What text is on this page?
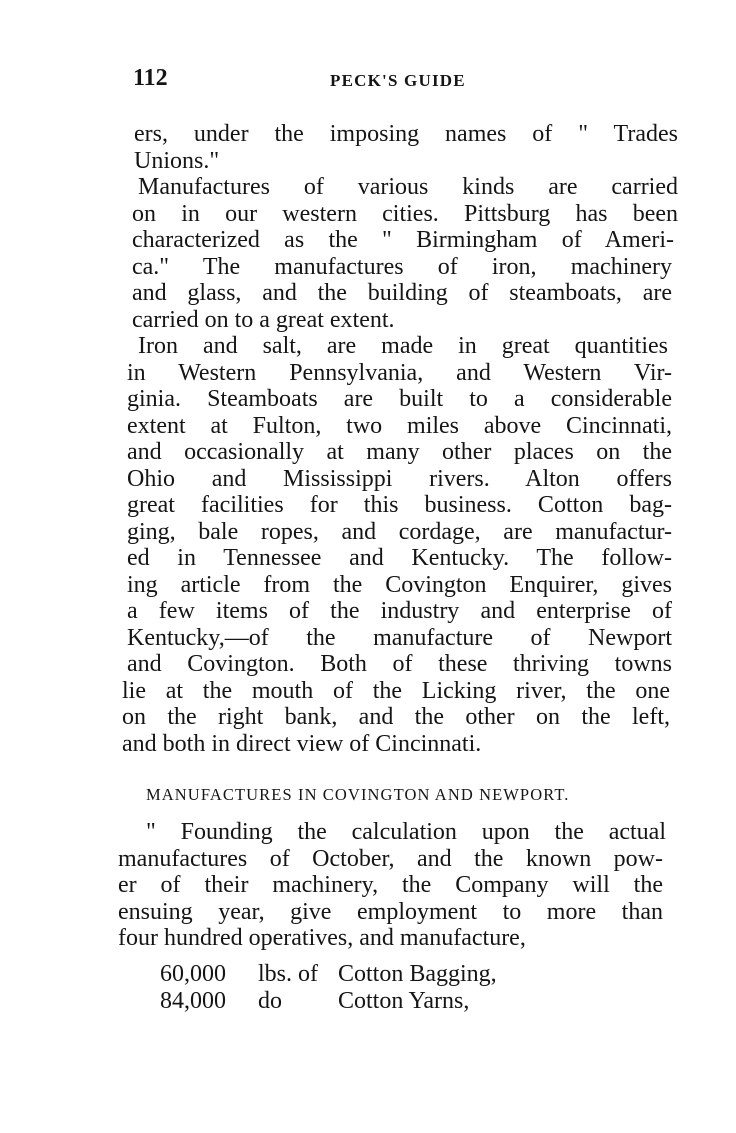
112	PECK'S GUIDE
ers, under the imposing names of " Trades
Unions."
Manufactures of various kinds are carried
on in our western cities. Pittsburg has been
characterized as the " Birmingham of Ameri-
ca." The manufactures of iron, machinery
and glass, and the building of steamboats, are
carried on to a great extent.
Iron and salt, are made in great quantities
in Western Pennsylvania, and Western Vir-
ginia. Steamboats are built to a considerable
extent at Fulton, two miles above Cincinnati,
and occasionally at many other places on the
Ohio and Mississippi rivers. Alton offers
great facilities for this business. Cotton bag-
ging, bale ropes, and cordage, are manufactur-
ed in Tennessee and Kentucky. The follow-
ing article from the Covington Enquirer, gives
a few items of the industry and enterprise of
Kentucky,—of the manufacture of Newport
and Covington. Both of these thriving towns
lie at the mouth of the Licking river, the one
on the right bank, and the other on the left,
and both in direct view of Cincinnati.
MANUFACTURES IN COVINGTON AND NEWPORT.
" Founding the calculation upon the actual
manufactures of October, and the known pow-
er of their machinery, the Company will the
ensuing year, give employment to more than
four hundred operatives, and manufacture,
60,000 lbs. of Cotton Bagging,
84,000 do Cotton Yarns,
